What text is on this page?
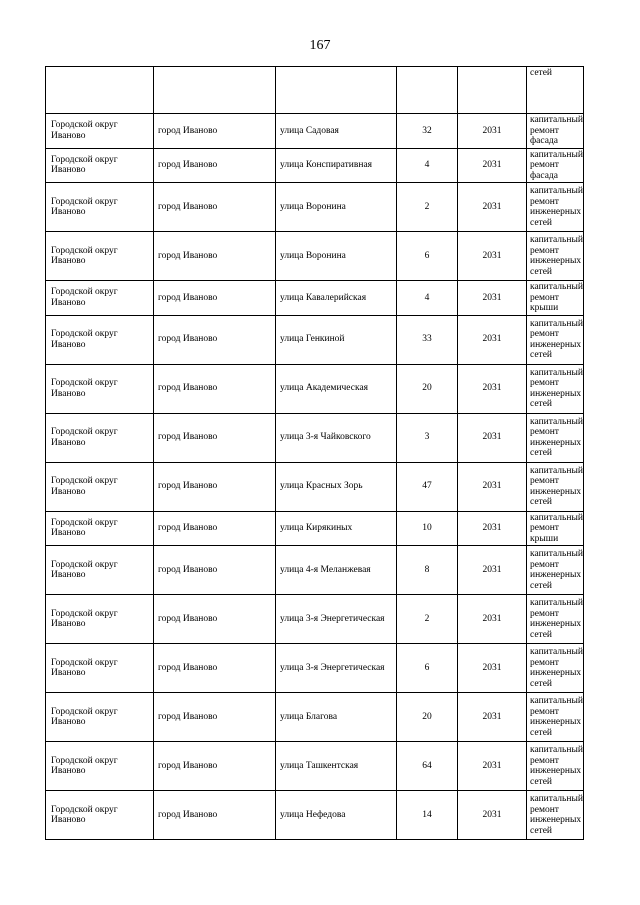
167
					сетей
Городской округ Иваново	город Иваново	улица Садовая	32	2031	капитальный ремонт фасада
Городской округ Иваново	город Иваново	улица Конспиративная	4	2031	капитальный ремонт фасада
Городской округ Иваново	город Иваново	улица Воронина	2	2031	капитальный ремонт инженерных сетей
Городской округ Иваново	город Иваново	улица Воронина	6	2031	капитальный ремонт инженерных сетей
Городской округ Иваново	город Иваново	улица Кавалерийская	4	2031	капитальный ремонт крыши
Городской округ Иваново	город Иваново	улица Генкиной	33	2031	капитальный ремонт инженерных сетей
Городской округ Иваново	город Иваново	улица Академическая	20	2031	капитальный ремонт инженерных сетей
Городской округ Иваново	город Иваново	улица 3-я Чайковского	3	2031	капитальный ремонт инженерных сетей
Городской округ Иваново	город Иваново	улица Красных Зорь	47	2031	капитальный ремонт инженерных сетей
Городской округ Иваново	город Иваново	улица Кирякиных	10	2031	капитальный ремонт крыши
Городской округ Иваново	город Иваново	улица 4-я Меланжевая	8	2031	капитальный ремонт инженерных сетей
Городской округ Иваново	город Иваново	улица 3-я Энергетическая	2	2031	капитальный ремонт инженерных сетей
Городской округ Иваново	город Иваново	улица 3-я Энергетическая	6	2031	капитальный ремонт инженерных сетей
Городской округ Иваново	город Иваново	улица Благова	20	2031	капитальный ремонт инженерных сетей
Городской округ Иваново	город Иваново	улица Ташкентская	64	2031	капитальный ремонт инженерных сетей
Городской округ Иваново	город Иваново	улица Нефедова	14	2031	капитальный ремонт инженерных сетей
